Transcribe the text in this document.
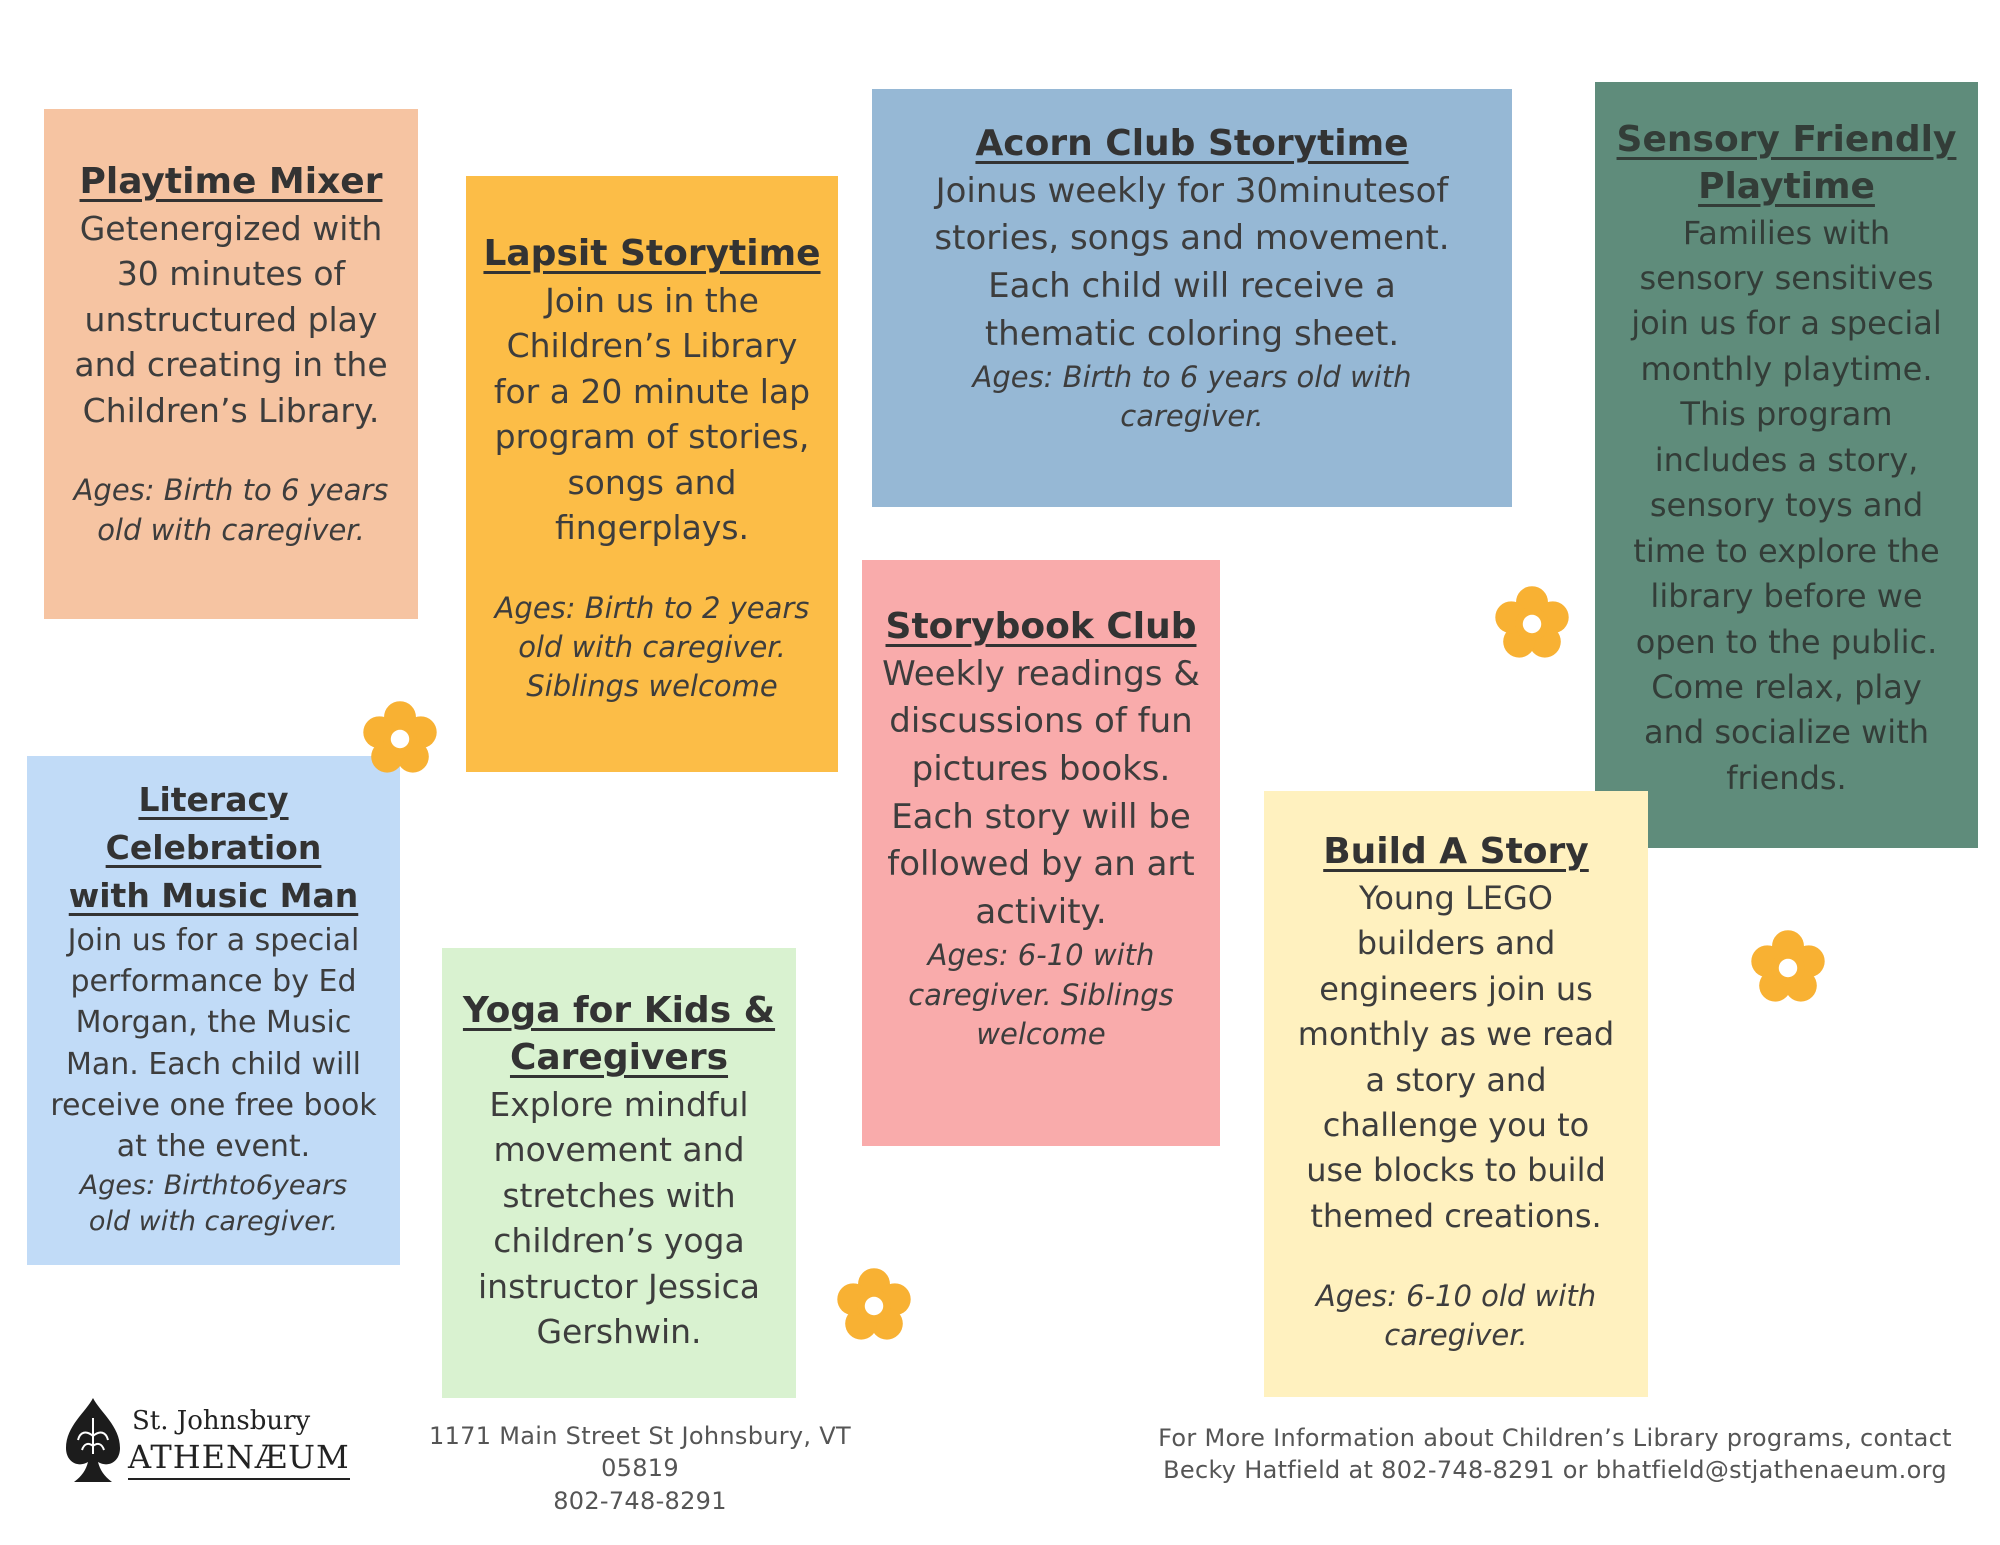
Playtime Mixer

Getenergized with
30 minutes of
unstructured play
and creating in the
Children’s Library.

Ages: Birth to 6 years
old with caregiver.

Lapsit Storytime

Join us in the
Children’s Library
for a 20 minute lap
program of stories,
songs and
fingerplays.

Ages: Birth to 2 years
old with caregiver.
Siblings welcome

Acorn Club Storytime

Joinus weekly for 30minutesof
stories, songs and movement.
Each child will receive a
thematic coloring sheet.

Ages: Birth to 6 years old with
caregiver.

Sensory Friendly
Playtime

Families with
sensory sensitives
join us for a special
monthly playtime.
This program
includes a story,
sensory toys and
time to explore the
library before we
open to the public.
Come relax, play
and socialize with
friends.

Literacy
Celebration
with Music Man

Join us for a special
performance by Ed
Morgan, the Music
Man. Each child will
receive one free book
at the event.

Ages: Birthto6years
old with caregiver.

Yoga for Kids &
Caregivers

Explore mindful
movement and
stretches with
children’s yoga
instructor Jessica
Gershwin.

Storybook Club

Weekly readings &
discussions of fun
pictures books.
Each story will be
followed by an art
activity.

Ages: 6-10 with
caregiver. Siblings
welcome

Build A Story

Young LEGO
builders and
engineers join us
monthly as we read
a story and
challenge you to
use blocks to build
themed creations.

Ages: 6-10 old with
caregiver.

St. Johnsbury
ATHENÆUM
1171 Main Street St Johnsbury, VT 05819
802-748-8291
For More Information about Children’s Library programs, contact
Becky Hatfield at 802-748-8291 or bhatfield@stjathenaeum.org
